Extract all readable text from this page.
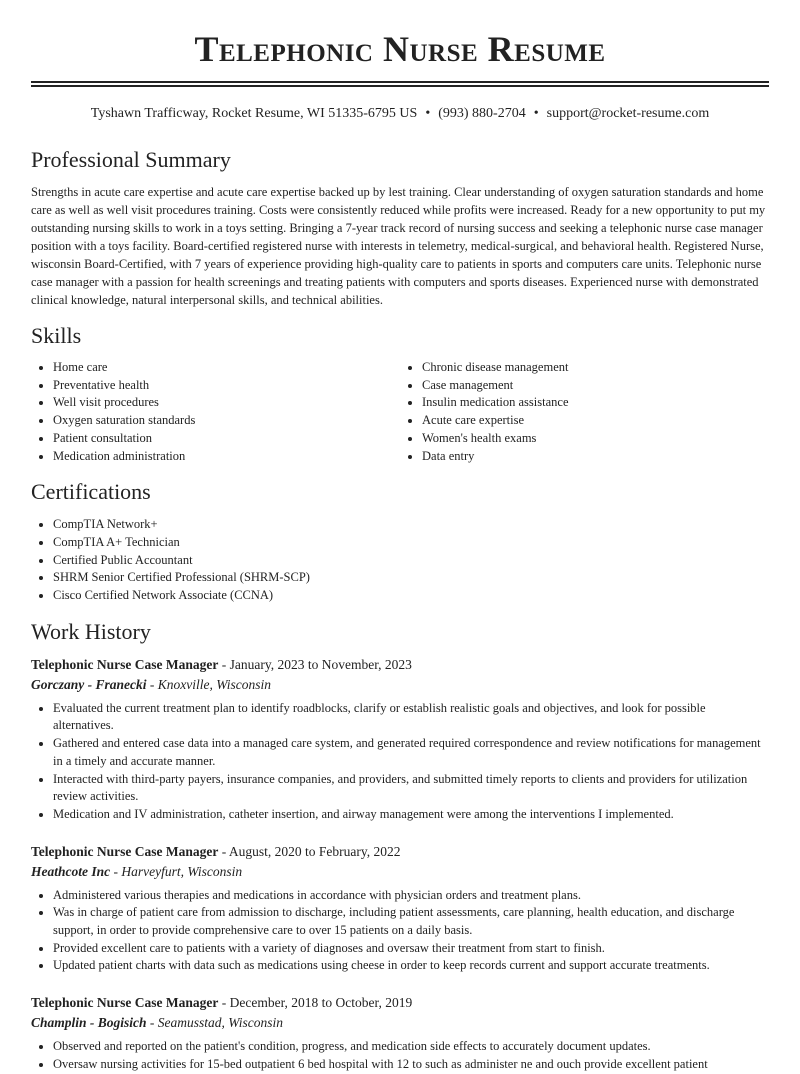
Telephonic Nurse Resume
Tyshawn Trafficway, Rocket Resume, WI 51335-6795 US • (993) 880-2704 • support@rocket-resume.com
Professional Summary
Strengths in acute care expertise and acute care expertise backed up by lest training. Clear understanding of oxygen saturation standards and home care as well as well visit procedures training. Costs were consistently reduced while profits were increased. Ready for a new opportunity to put my outstanding nursing skills to work in a toys setting. Bringing a 7-year track record of nursing success and seeking a telephonic nurse case manager position with a toys facility. Board-certified registered nurse with interests in telemetry, medical-surgical, and behavioral health. Registered Nurse, wisconsin Board-Certified, with 7 years of experience providing high-quality care to patients in sports and computers care units. Telephonic nurse case manager with a passion for health screenings and treating patients with computers and sports diseases. Experienced nurse with demonstrated clinical knowledge, natural interpersonal skills, and technical abilities.
Skills
• Home care
• Preventative health
• Well visit procedures
• Oxygen saturation standards
• Patient consultation
• Medication administration
• Chronic disease management
• Case management
• Insulin medication assistance
• Acute care expertise
• Women's health exams
• Data entry
Certifications
• CompTIA Network+
• CompTIA A+ Technician
• Certified Public Accountant
• SHRM Senior Certified Professional (SHRM-SCP)
• Cisco Certified Network Associate (CCNA)
Work History
Telephonic Nurse Case Manager - January, 2023 to November, 2023
Gorczany - Franecki - Knoxville, Wisconsin
• Evaluated the current treatment plan to identify roadblocks, clarify or establish realistic goals and objectives, and look for possible alternatives.
• Gathered and entered case data into a managed care system, and generated required correspondence and review notifications for management in a timely and accurate manner.
• Interacted with third-party payers, insurance companies, and providers, and submitted timely reports to clients and providers for utilization review activities.
• Medication and IV administration, catheter insertion, and airway management were among the interventions I implemented.
Telephonic Nurse Case Manager - August, 2020 to February, 2022
Heathcote Inc - Harveyfurt, Wisconsin
• Administered various therapies and medications in accordance with physician orders and treatment plans.
• Was in charge of patient care from admission to discharge, including patient assessments, care planning, health education, and discharge support, in order to provide comprehensive care to over 15 patients on a daily basis.
• Provided excellent care to patients with a variety of diagnoses and oversaw their treatment from start to finish.
• Updated patient charts with data such as medications using cheese in order to keep records current and support accurate treatments.
Telephonic Nurse Case Manager - December, 2018 to October, 2019
Champlin - Bogisich - Seamusstad, Wisconsin
• Observed and reported on the patient's condition, progress, and medication side effects to accurately document updates.
• Oversaw nursing activities for 15-bed outpatient 6 bed hospital with 12 to such as administer ne and ouch provide excellent patient
